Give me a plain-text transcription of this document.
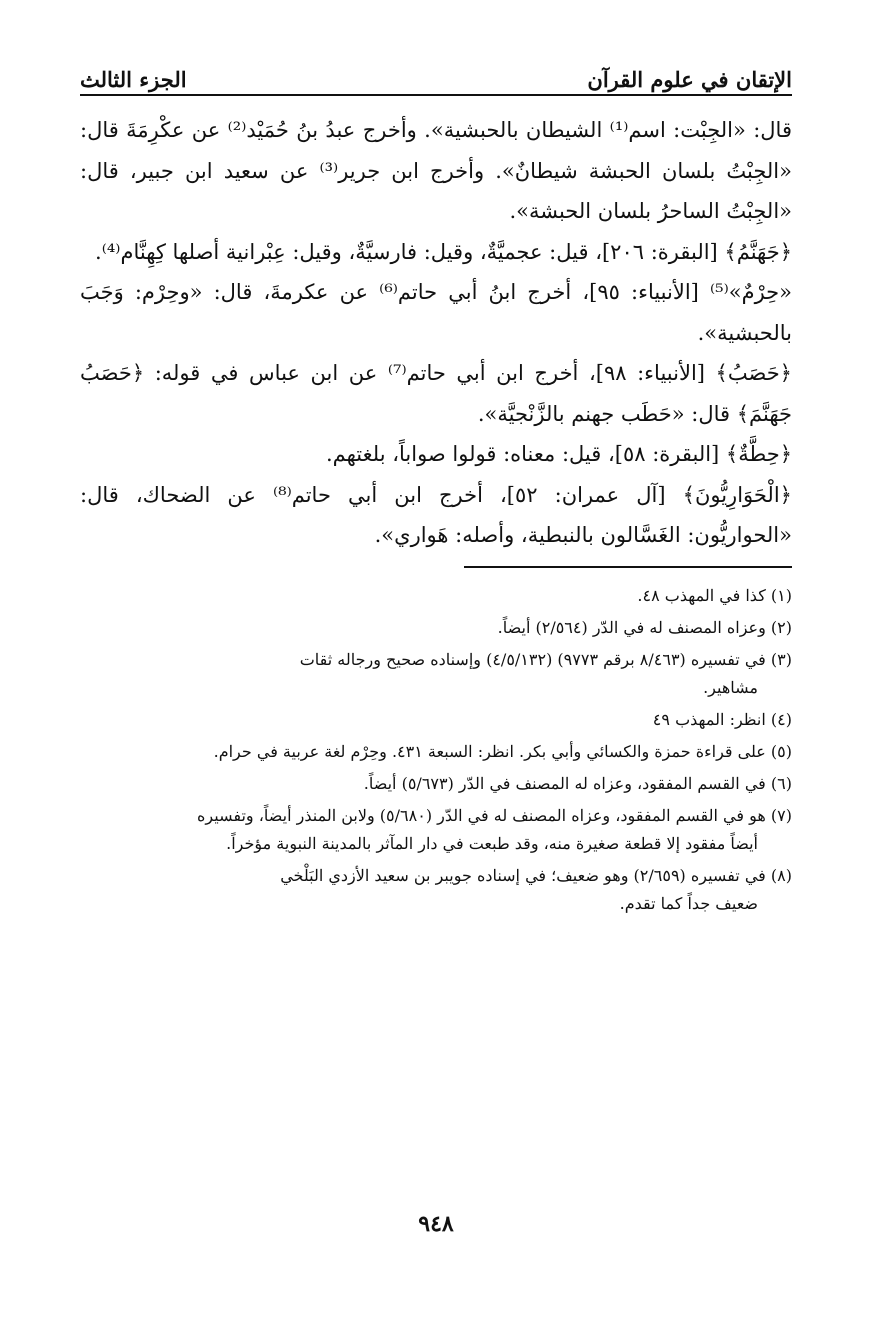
الإتقان في علوم القرآن
الجزء الثالث

قال: «الجِبْت: اسم⁽¹⁾ الشيطان بالحبشية». وأخرج عبدُ بنُ حُمَيْد⁽²⁾ عن عكْرِمَةَ قال: «الجِبْتُ بلسان الحبشة شيطانٌ». وأخرج ابن جرير⁽³⁾ عن سعيد ابن جبير، قال: «الجِبْتُ الساحرُ بلسان الحبشة».

﴿جَهَنَّمُ﴾ [البقرة: ٢٠٦]، قيل: عجميَّةٌ، وقيل: فارسيَّةٌ، وقيل: عِبْرانية أصلها كِهِنَّام⁽⁴⁾.

«حِرْمٌ»⁽⁵⁾ [الأنبياء: ٩٥]، أخرج ابنُ أبي حاتم⁽⁶⁾ عن عكرمةَ، قال: «وحِرْم: وَجَبَ بالحبشية».

﴿حَصَبُ﴾ [الأنبياء: ٩٨]، أخرج ابن أبي حاتم⁽⁷⁾ عن ابن عباس في قوله: ﴿حَصَبُ جَهَنَّمَ﴾ قال: «حَطَب جهنم بالزَّنْجيَّة».

﴿حِطَّةٌ﴾ [البقرة: ٥٨]، قيل: معناه: قولوا صواباً، بلغتهم.

﴿الْحَوَارِيُّونَ﴾ [آل عمران: ٥٢]، أخرج ابن أبي حاتم⁽⁸⁾ عن الضحاك، قال: «الحواريُّون: الغَسَّالون بالنبطية، وأصله: هَواري».

(١) كذا في المهذب ٤٨.

(٢) وعزاه المصنف له في الدّر (٢/٥٦٤) أيضاً.

(٣) في تفسيره (٨/٤٦٣ برقم ٩٧٧٣) (٤/٥/١٣٢) وإسناده صحيح ورجاله ثقات
مشاهير.

(٤) انظر: المهذب ٤٩

(٥) على قراءة حمزة والكسائي وأبي بكر. انظر: السبعة ٤٣١. وحِرْم لغة عربية في حرام.

(٦) في القسم المفقود، وعزاه له المصنف في الدّر (٥/٦٧٣) أيضاً.

(٧) هو في القسم المفقود، وعزاه المصنف له في الدّر (٥/٦٨٠) ولابن المنذر أيضاً، وتفسيره
أيضاً مفقود إلا قطعة صغيرة منه، وقد طبعت في دار المآثر بالمدينة النبوية مؤخراً.

(٨) في تفسيره (٢/٦٥٩) وهو ضعيف؛ في إسناده جويبر بن سعيد الأزدي البَلْخي
ضعيف جداً كما تقدم.

٩٤٨
